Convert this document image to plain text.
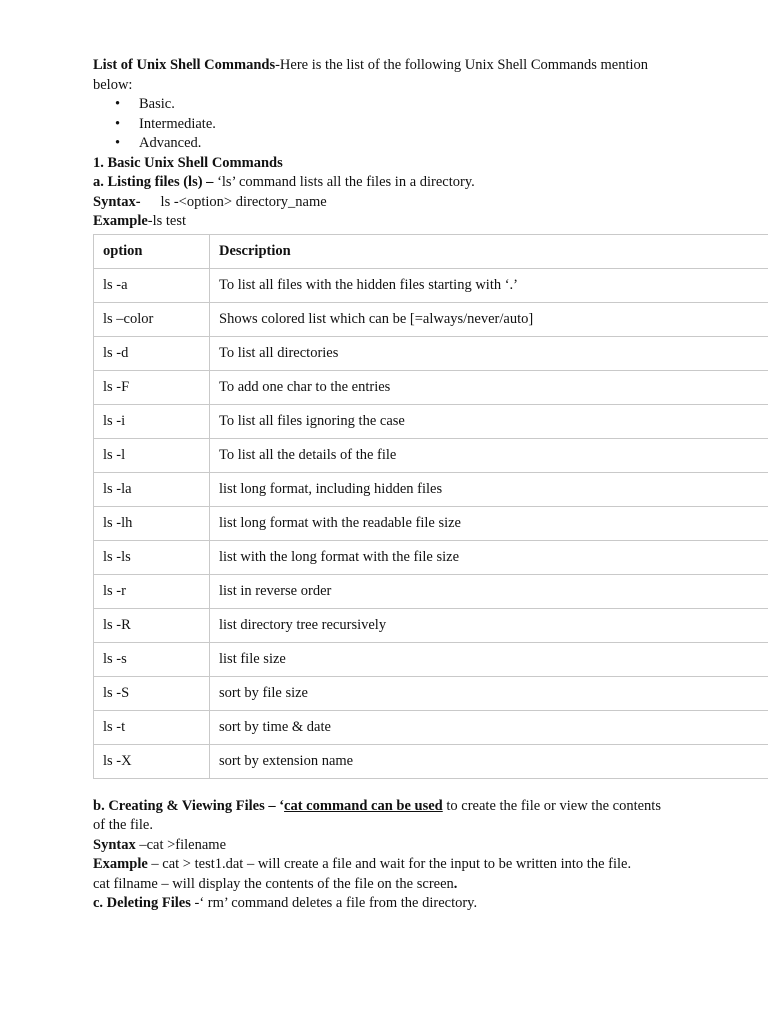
List of Unix Shell Commands-Here is the list of the following Unix Shell Commands mention below:
• Basic.
• Intermediate.
• Advanced.
1. Basic Unix Shell Commands
a. Listing files (ls) – ‘ls’ command lists all the files in a directory.
Syntax- ls -<option> directory_name
Example-ls test
option	Description
ls -a	To list all files with the hidden files starting with ‘.’
ls –color	Shows colored list which can be [=always/never/auto]
ls -d	To list all directories
ls -F	To add one char to the entries
ls -i	To list all files ignoring the case
ls -l	To list all the details of the file
ls -la	list long format, including hidden files
ls -lh	list long format with the readable file size
ls -ls	list with the long format with the file size
ls -r	list in reverse order
ls -R	list directory tree recursively
ls -s	list file size
ls -S	sort by file size
ls -t	sort by time & date
ls -X	sort by extension name
b. Creating & Viewing Files – ‘cat command can be used to create the file or view the contents of the file.
Syntax –cat >filename
Example – cat > test1.dat – will create a file and wait for the input to be written into the file.
cat filname – will display the contents of the file on the screen.
c. Deleting Files -‘ rm’ command deletes a file from the directory.
